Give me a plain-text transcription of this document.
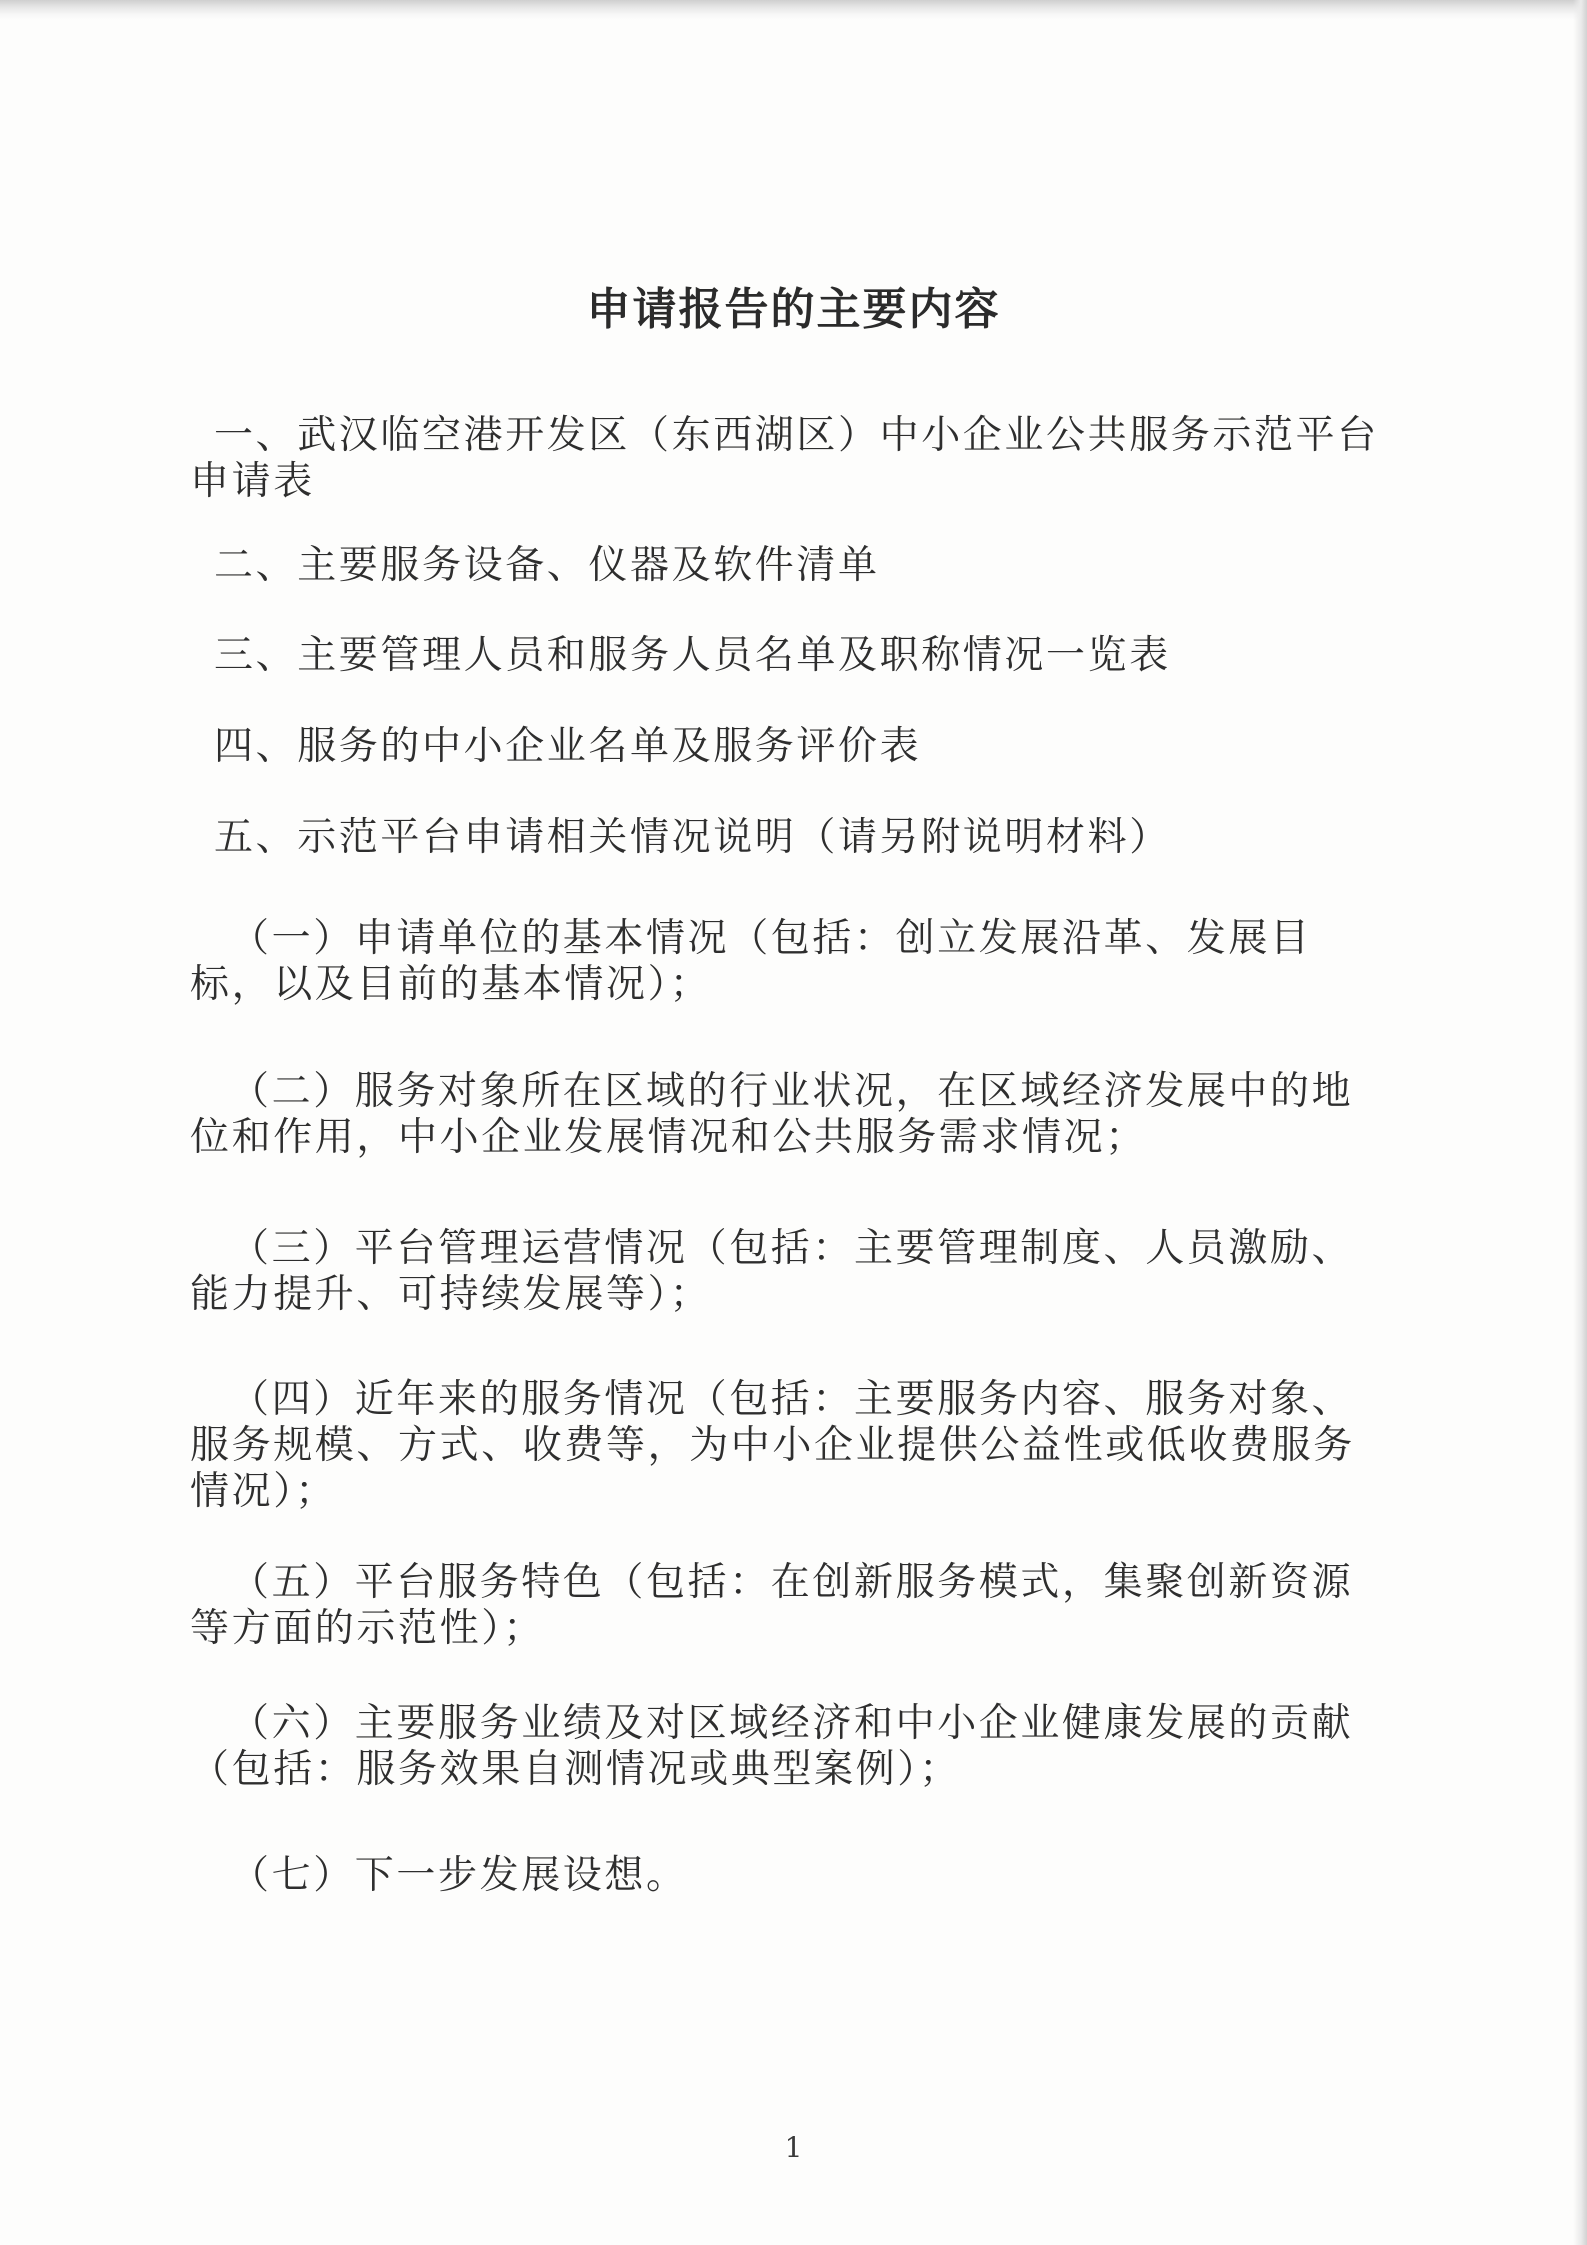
申请报告的主要内容

一、武汉临空港开发区（东西湖区）中小企业公共服务示范平台申请表

二、主要服务设备、仪器及软件清单

三、主要管理人员和服务人员名单及职称情况一览表

四、服务的中小企业名单及服务评价表

五、示范平台申请相关情况说明（请另附说明材料）

（一）申请单位的基本情况（包括：创立发展沿革、发展目标，以及目前的基本情况）；

（二）服务对象所在区域的行业状况，在区域经济发展中的地位和作用，中小企业发展情况和公共服务需求情况；

（三）平台管理运营情况（包括：主要管理制度、人员激励、能力提升、可持续发展等）；

（四）近年来的服务情况（包括：主要服务内容、服务对象、服务规模、方式、收费等，为中小企业提供公益性或低收费服务情况）；

（五）平台服务特色（包括：在创新服务模式，集聚创新资源等方面的示范性）；

（六）主要服务业绩及对区域经济和中小企业健康发展的贡献（包括：服务效果自测情况或典型案例）；

（七）下一步发展设想。

1
